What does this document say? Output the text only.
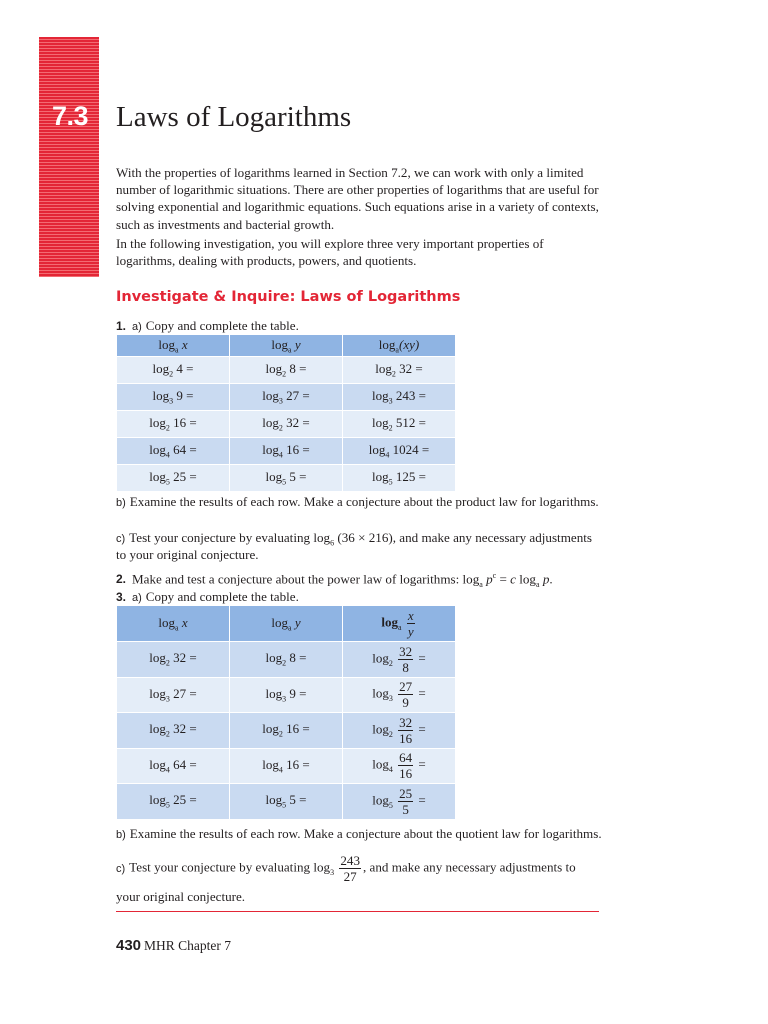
7.3 Laws of Logarithms

With the properties of logarithms learned in Section 7.2, we can work with only a limited number of logarithmic situations. There are other properties of logarithms that are useful for solving exponential and logarithmic equations. Such equations arise in a variety of contexts, such as investments and bacterial growth.

In the following investigation, you will explore three very important properties of logarithms, dealing with products, powers, and quotients.

Investigate & Inquire: Laws of Logarithms
1. a) Copy and complete the table.
$\log_a x$	$\log_a y$	$\log_a(xy)$
$\log_2 4$ =	$\log_2 8$ =	$\log_2 32$ =
$\log_3 9$ =	$\log_3 27$ =	$\log_3 243$ =
$\log_2 16$ =	$\log_2 32$ =	$\log_2 512$ =
$\log_4 64$ =	$\log_4 16$ =	$\log_4 1024$ =
$\log_5 25$ =	$\log_5 5$ =	$\log_5 125$ =
b) Examine the results of each row. Make a conjecture about the product law for logarithms.
c) Test your conjecture by evaluating $\log_6 (36 \times 216)$, and make any necessary adjustments
to your original conjecture.
2. Make and test a conjecture about the power law of logarithms: $\log_a p^c = c$ $\log_a p$.
3. a) Copy and complete the table.
$\log_a x$	$\log_a y$	$\log_a \frac{x}{y}$

$\log_2 32$ =	$\log_2 8$ =	$\log_2 \frac{32}{8}$ =
$\log_3 27$ =	$\log_3 9$ =	$\log_3 \frac{27}{9}$ =
$\log_2 32$ =	$\log_2 16$ =	$\log_2 \frac{32}{16}$ =
$\log_4 64$ =	$\log_4 16$ =	$\log_4 \frac{64}{16}$ =
$\log_5 25$ =	$\log_5 5$ =	$\log_5 \frac{25}{5}$ =
b) Examine the results of each row. Make a conjecture about the quotient law for logarithms.
c) Test your conjecture by evaluating $\log_3 \frac{243}{27}$ , and make any necessary adjustments to
your original conjecture.
430 MHR Chapter 7
